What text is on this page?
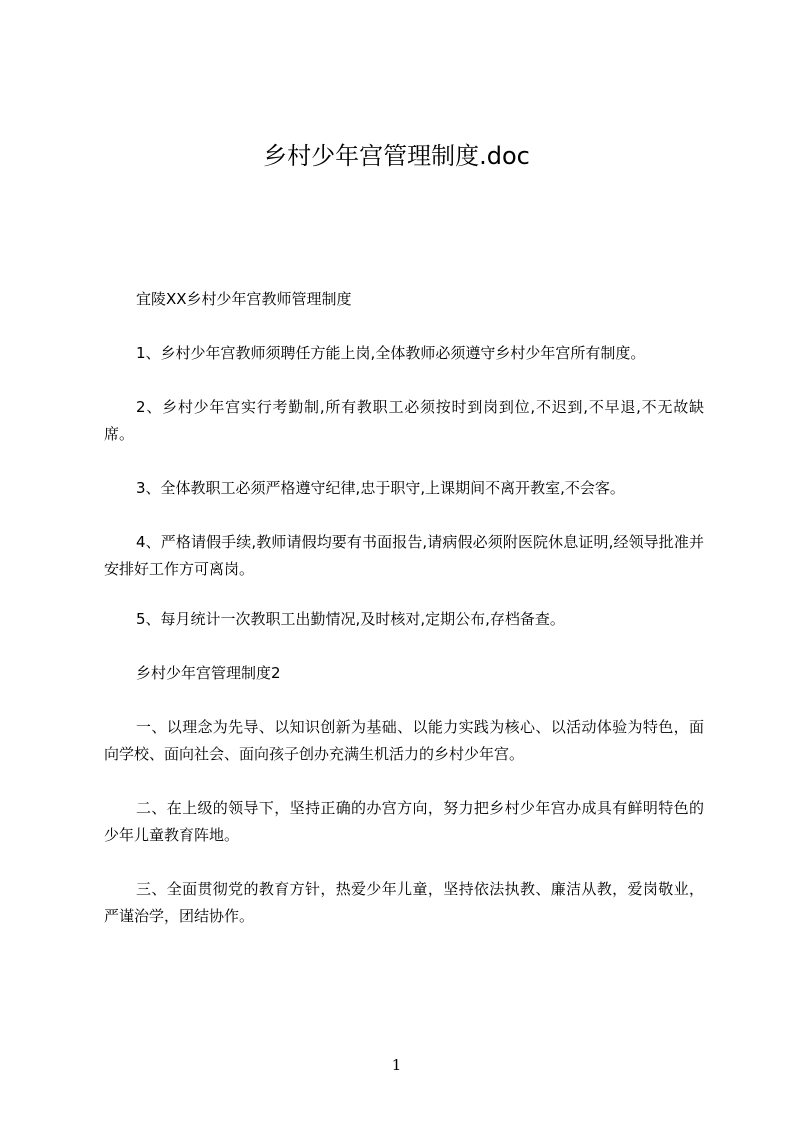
乡村少年宫管理制度.doc

宜陵XX乡村少年宫教师管理制度

1、乡村少年宫教师须聘任方能上岗,全体教师必须遵守乡村少年宫所有制度。

2、乡村少年宫实行考勤制,所有教职工必须按时到岗到位,不迟到,不早退,不无故缺席。

3、全体教职工必须严格遵守纪律,忠于职守,上课期间不离开教室,不会客。

4、严格请假手续,教师请假均要有书面报告,请病假必须附医院休息证明,经领导批准并安排好工作方可离岗。

5、每月统计一次教职工出勤情况,及时核对,定期公布,存档备查。

乡村少年宫管理制度2

一、以理念为先导、以知识创新为基础、以能力实践为核心、以活动体验为特色，面向学校、面向社会、面向孩子创办充满生机活力的乡村少年宫。

二、在上级的领导下，坚持正确的办宫方向，努力把乡村少年宫办成具有鲜明特色的少年儿童教育阵地。

三、全面贯彻党的教育方针，热爱少年儿童，坚持依法执教、廉洁从教，爱岗敬业，严谨治学，团结协作。

1
